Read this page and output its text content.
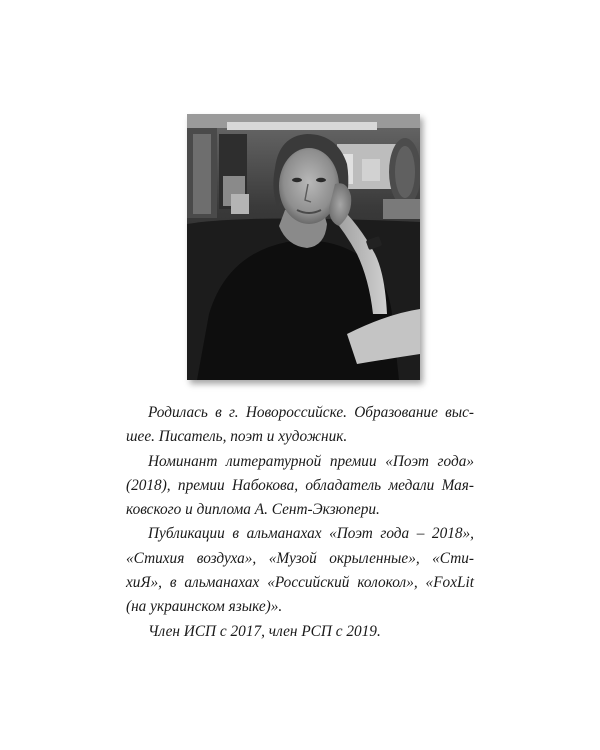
Родилась в г. Новороссийске. Образование выс-
шее. Писатель, поэт и художник.

Номинант литературной премии «Поэт года»
(2018), премии Набокова, обладатель медали Мая-
ковского и диплома А. Сент-Экзюпери.

Публикации в альманахах «Поэт года – 2018»,
«Стихия воздуха», «Музой окрыленные», «Сти-
хиЯ», в альманахах «Российский колокол», «FoxLit
(на украинском языке)».

Член ИСП с 2017, член РСП с 2019.
